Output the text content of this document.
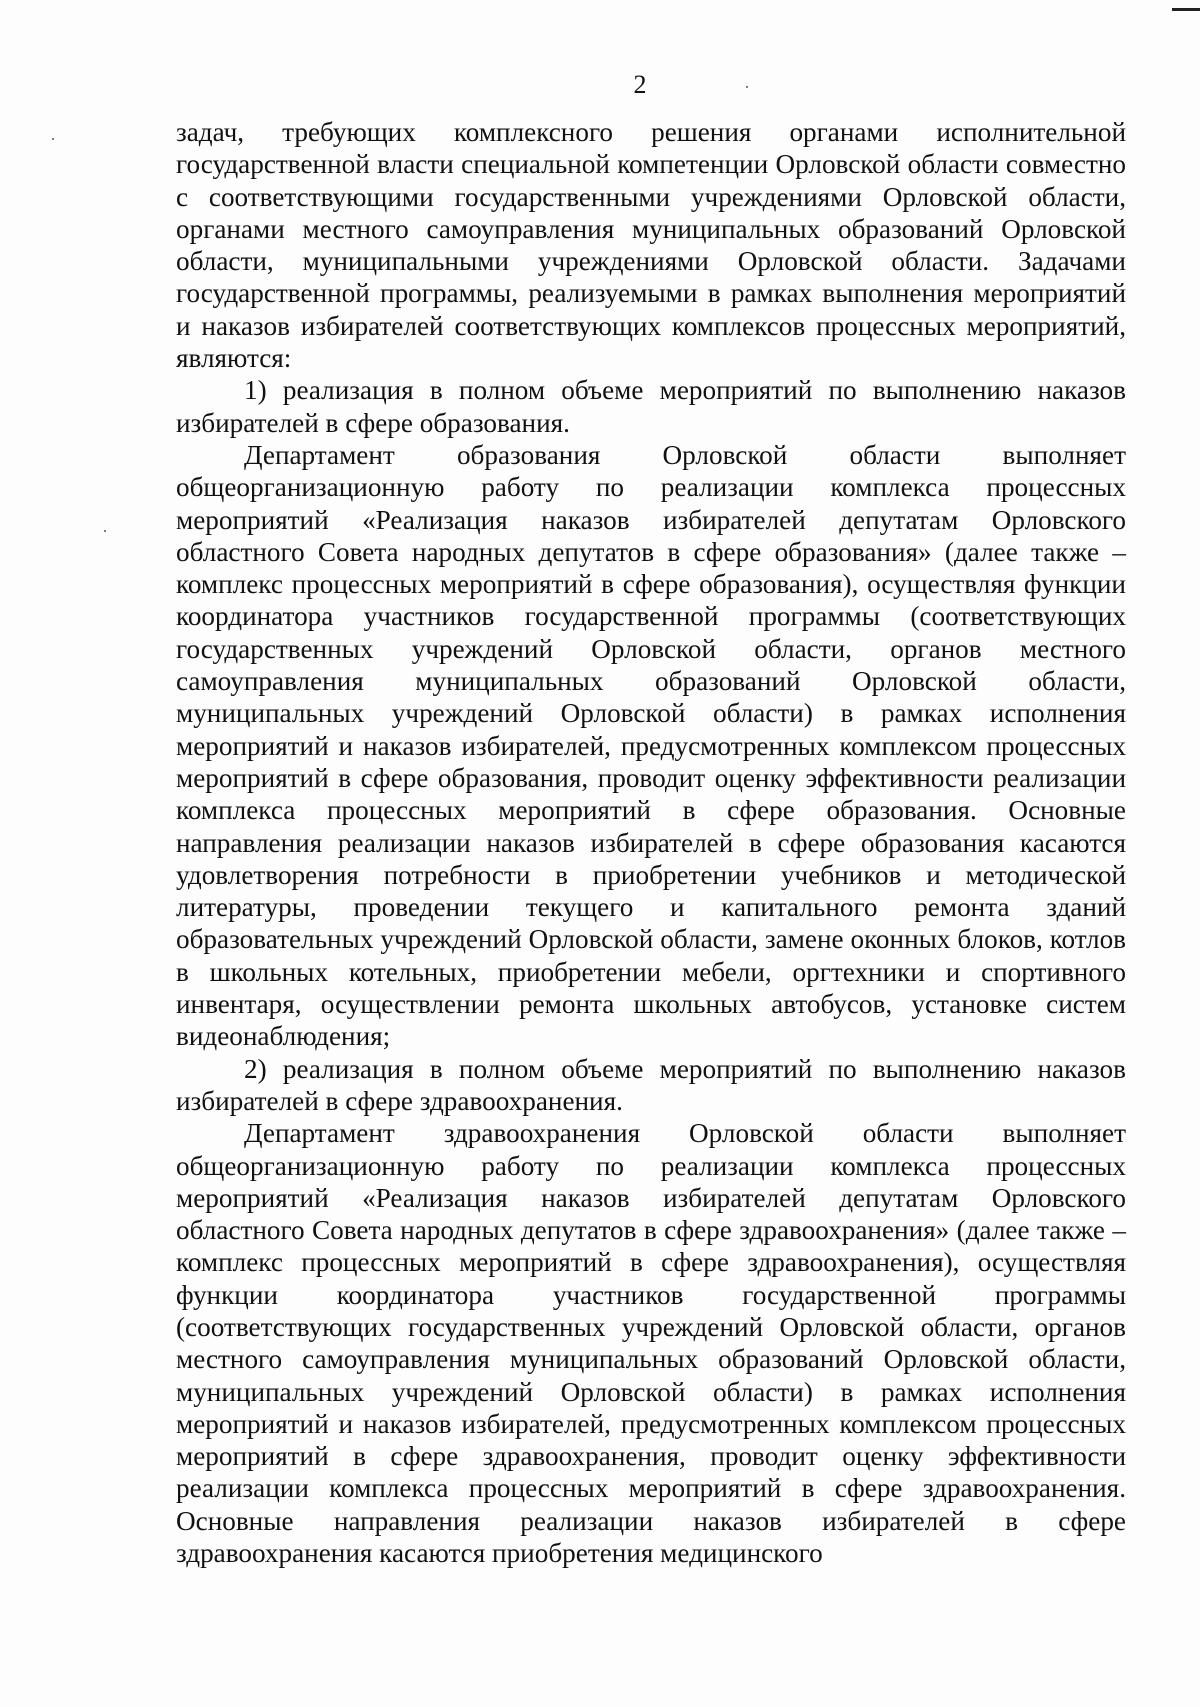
2

задач, требующих комплексного решения органами исполнительной государственной власти специальной компетенции Орловской области совместно с соответствующими государственными учреждениями Орловской области, органами местного самоуправления муниципальных образований Орловской области, муниципальными учреждениями Орловской области. Задачами государственной программы, реализуемыми в рамках выполнения мероприятий и наказов избирателей соответствующих комплексов процессных мероприятий, являются:

1) реализация в полном объеме мероприятий по выполнению наказов избирателей в сфере образования.

Департамент образования Орловской области выполняет общеорганизационную работу по реализации комплекса процессных мероприятий «Реализация наказов избирателей депутатам Орловского областного Совета народных депутатов в сфере образования» (далее также – комплекс процессных мероприятий в сфере образования), осуществляя функции координатора участников государственной программы (соответствующих государственных учреждений Орловской области, органов местного самоуправления муниципальных образований Орловской области, муниципальных учреждений Орловской области) в рамках исполнения мероприятий и наказов избирателей, предусмотренных комплексом процессных мероприятий в сфере образования, проводит оценку эффективности реализации комплекса процессных мероприятий в сфере образования. Основные направления реализации наказов избирателей в сфере образования касаются удовлетворения потребности в приобретении учебников и методической литературы, проведении текущего и капитального ремонта зданий образовательных учреждений Орловской области, замене оконных блоков, котлов в школьных котельных, приобретении мебели, оргтехники и спортивного инвентаря, осуществлении ремонта школьных автобусов, установке систем видеонаблюдения;

2) реализация в полном объеме мероприятий по выполнению наказов избирателей в сфере здравоохранения.

Департамент здравоохранения Орловской области выполняет общеорганизационную работу по реализации комплекса процессных мероприятий «Реализация наказов избирателей депутатам Орловского областного Совета народных депутатов в сфере здравоохранения» (далее также – комплекс процессных мероприятий в сфере здравоохранения), осуществляя функции координатора участников государственной программы (соответствующих государственных учреждений Орловской области, органов местного самоуправления муниципальных образований Орловской области, муниципальных учреждений Орловской области) в рамках исполнения мероприятий и наказов избирателей, предусмотренных комплексом процессных мероприятий в сфере здравоохранения, проводит оценку эффективности реализации комплекса процессных мероприятий в сфере здравоохранения. Основные направления реализации наказов избирателей в сфере здравоохранения касаются приобретения медицинского
